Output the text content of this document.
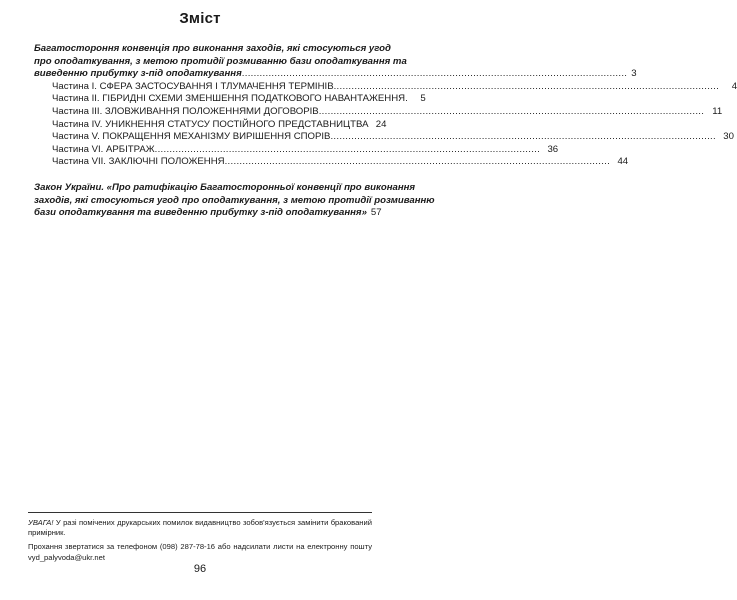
Зміст
Багатостороння конвенція про виконання заходів, які стосуються угод
про оподаткування, з метою протидії розмиванню бази оподаткування та
виведенню прибутку з-під оподаткування .................................................................................................................................. 3
Частина I. СФЕРА ЗАСТОСУВАННЯ І ТЛУМАЧЕННЯ ТЕРМІНІВ ..................................................................................................................................	4
Частина II. ГІБРИДНІ СХЕМИ ЗМЕНШЕННЯ ПОДАТКОВОГО НАВАНТАЖЕННЯ.	5
Частина III. ЗЛОВЖИВАННЯ ПОЛОЖЕННЯМИ ДОГОВОРІВ .................................................................................................................................. 11
Частина IV. УНИКНЕННЯ СТАТУСУ ПОСТІЙНОГО ПРЕДСТАВНИЦТВА 24
Частина V. ПОКРАЩЕННЯ МЕХАНІЗМУ ВИРІШЕННЯ СПОРІВ .................................................................................................................................. 30
Частина VI. АРБІТРАЖ .................................................................................................................................. 36
Частина VII. ЗАКЛЮЧНІ ПОЛОЖЕННЯ .................................................................................................................................. 44
Закон України. «Про ратифікацію Багатосторонньої конвенції про виконання
заходів, які стосуються угод про оподаткування, з метою протидії розмиванню
бази оподаткування та виведенню прибутку з-під оподаткування» 57

УВАГА! У разі помічених друкарських помилок видавництво зобов'язується замінити бракований примірник.

Прохання звертатися за телефоном (098) 287-78-16 або надсилати листи на електронну пошту vyd_palyvoda@ukr.net

96
